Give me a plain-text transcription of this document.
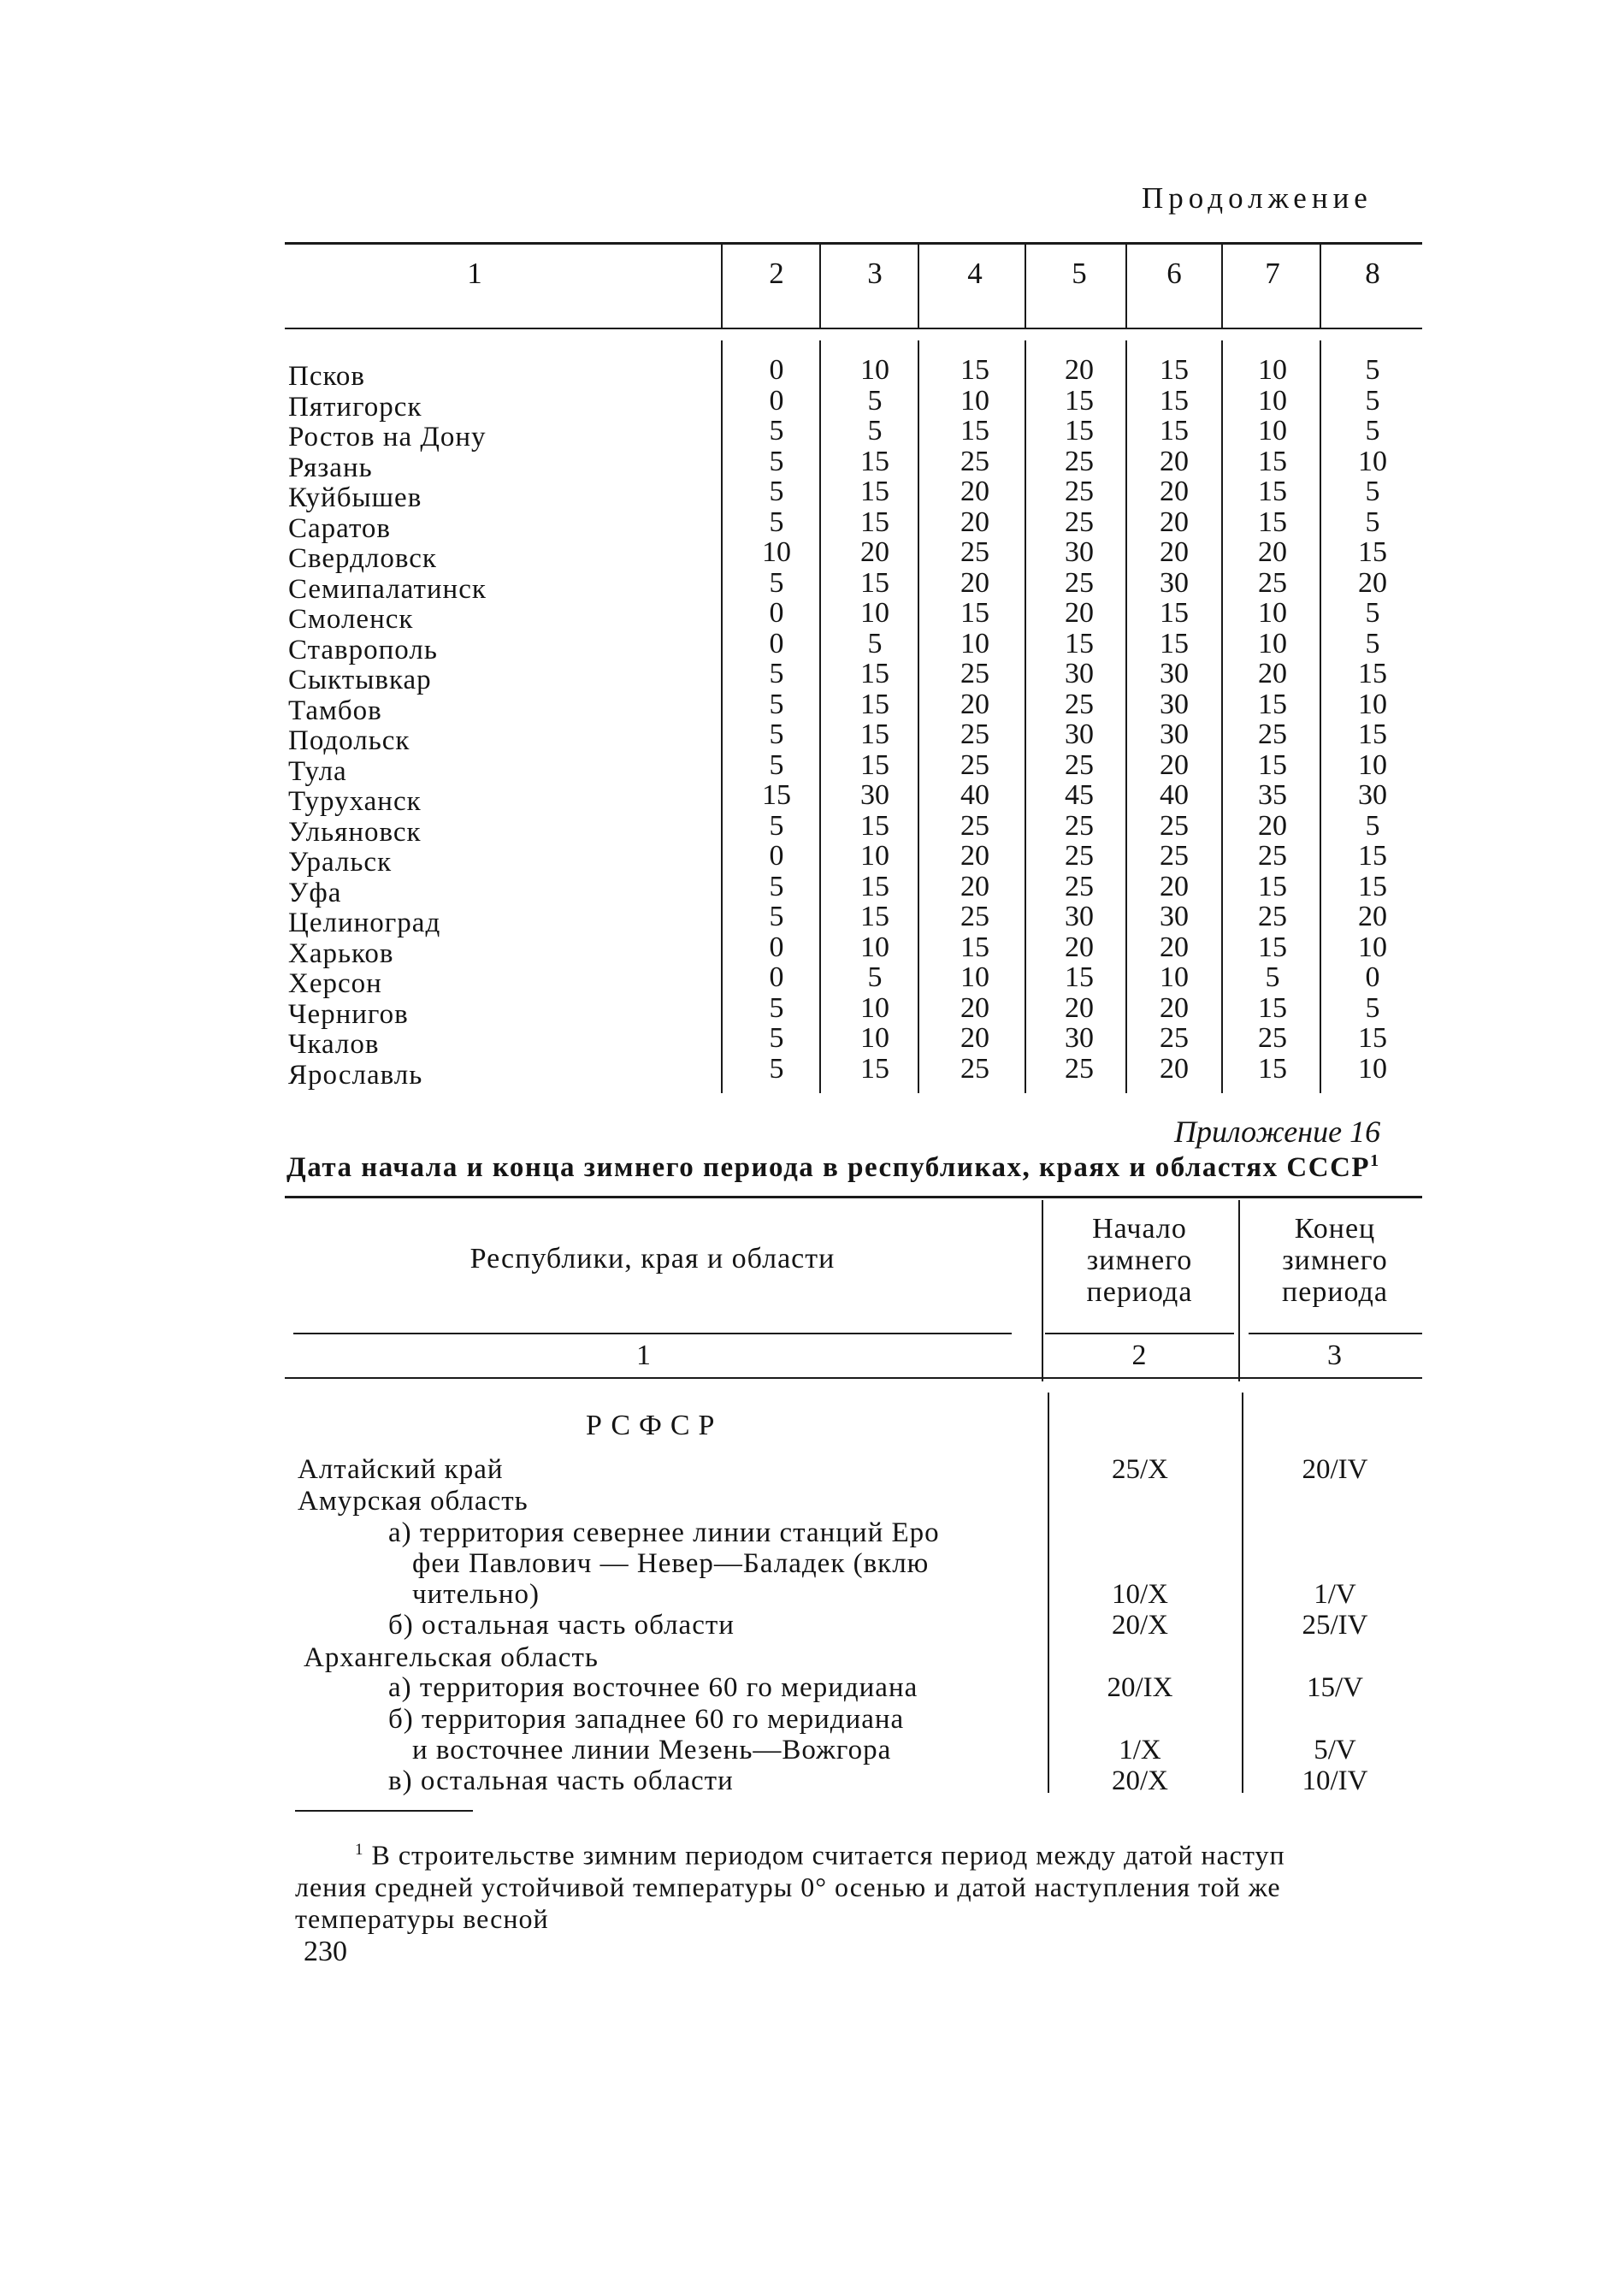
Продолжение
1	2	3	4	5	6	7	8
Псков	0	10	15	20	15	10	5
Пятигорск	0	5	10	15	15	10	5
Ростов на Дону	5	5	15	15	15	10	5
Рязань	5	15	25	25	20	15	10
Куйбышев	5	15	20	25	20	15	5
Саратов	5	15	20	25	20	15	5
Свердловск	10	20	25	30	20	20	15
Семипалатинск	5	15	20	25	30	25	20
Смоленск	0	10	15	20	15	10	5
Ставрополь	0	5	10	15	15	10	5
Сыктывкар	5	15	25	30	30	20	15
Тамбов	5	15	20	25	30	15	10
Подольск	5	15	25	30	30	25	15
Тула	5	15	25	25	20	15	10
Туруханск	15	30	40	45	40	35	30
Ульяновск	5	15	25	25	25	20	5
Уральск	0	10	20	25	25	25	15
Уфа	5	15	20	25	20	15	15
Целиноград	5	15	25	30	30	25	20
Харьков	0	10	15	20	20	15	10
Херсон	0	5	10	15	10	5	0
Чернигов	5	10	20	20	20	15	5
Чкалов	5	10	20	30	25	25	15
Ярославль	5	15	25	25	20	15	10
Приложение 16
Дата начала и конца зимнего периода в республиках, краях и областях СССР$^1$
Республики, края и области
Начало
зимнего
периода
Конец
зимнего
периода
1	2	3
РСФСР
Алтайский край	25/X	20/IV
Амурская область
а) территория севернее линии станций Еро
феи Павлович — Невер—Баладек (вклю
чительно)	10/X	1/V
б) остальная часть области	20/X	25/IV
Архангельская область
а) территория восточнее 60 го меридиана	20/IX	15/V
б) территория западнее 60 го меридиана
и восточнее линии Мезень—Вожгора	1/X	5/V
в) остальная часть области	20/X	10/IV
$^1$ В строительстве зимним периодом считается период между датой наступ
ления средней устойчивой температуры 0° осенью и датой наступления той же
температуры весной
230
